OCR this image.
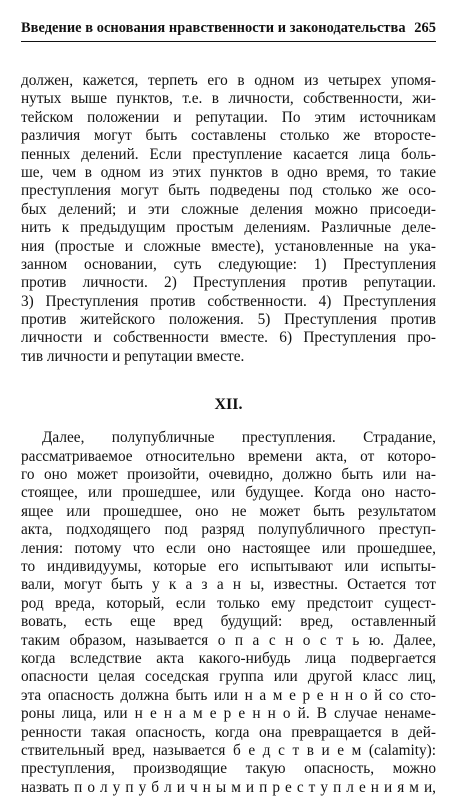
Введение в основания нравственности и законодательства 265
должен, кажется, терпеть его в одном из четырех упомя-
нутых выше пунктов, т.е. в личности, собственности, жи-
тейском положении и репутации. По этим источникам
различия могут быть составлены столько же второсте-
пенных делений. Если преступление касается лица боль-
ше, чем в одном из этих пунктов в одно время, то такие
преступления могут быть подведены под столько же осо-
бых делений; и эти сложные деления можно присоеди-
нить к предыдущим простым делениям. Различные деле-
ния (простые и сложные вместе), установленные на ука-
занном основании, суть следующие: 1) Преступления
против личности. 2) Преступления против репутации.
3) Преступления против собственности. 4) Преступления
против житейского положения. 5) Преступления против
личности и собственности вместе. 6) Преступления про-
тив личности и репутации вместе.
XII.
Далее, полупубличные преступления. Страдание,
рассматриваемое относительно времени акта, от которо-
го оно может произойти, очевидно, должно быть или на-
стоящее, или прошедшее, или будущее. Когда оно насто-
ящее или прошедшее, оно не может быть результатом
акта, подходящего под разряд полупубличного преступ-
ления: потому что если оно настоящее или прошедшее,
то индивидуумы, которые его испытывают или испыты-
вали, могут быть у к а з а н ы, известны. Остается тот
род вреда, который, если только ему предстоит сущест-
вовать, есть еще вред будущий: вред, оставленный
таким образом, называется о п а с н о с т ь ю. Далее,
когда вследствие акта какого-нибудь лица подвергается
опасности целая соседская группа или другой класс лиц,
эта опасность должна быть или н а м е р е н н о й со сто-
роны лица, или н е н а м е р е н н о й. В случае ненаме-
ренности такая опасность, когда она превращается в дей-
ствительный вред, называется б е д с т в и е м (calamity):
преступления, производящие такую опасность, можно
назвать п о л у п у б л и ч н ы м и п р е с т у п л е н и я м и,
